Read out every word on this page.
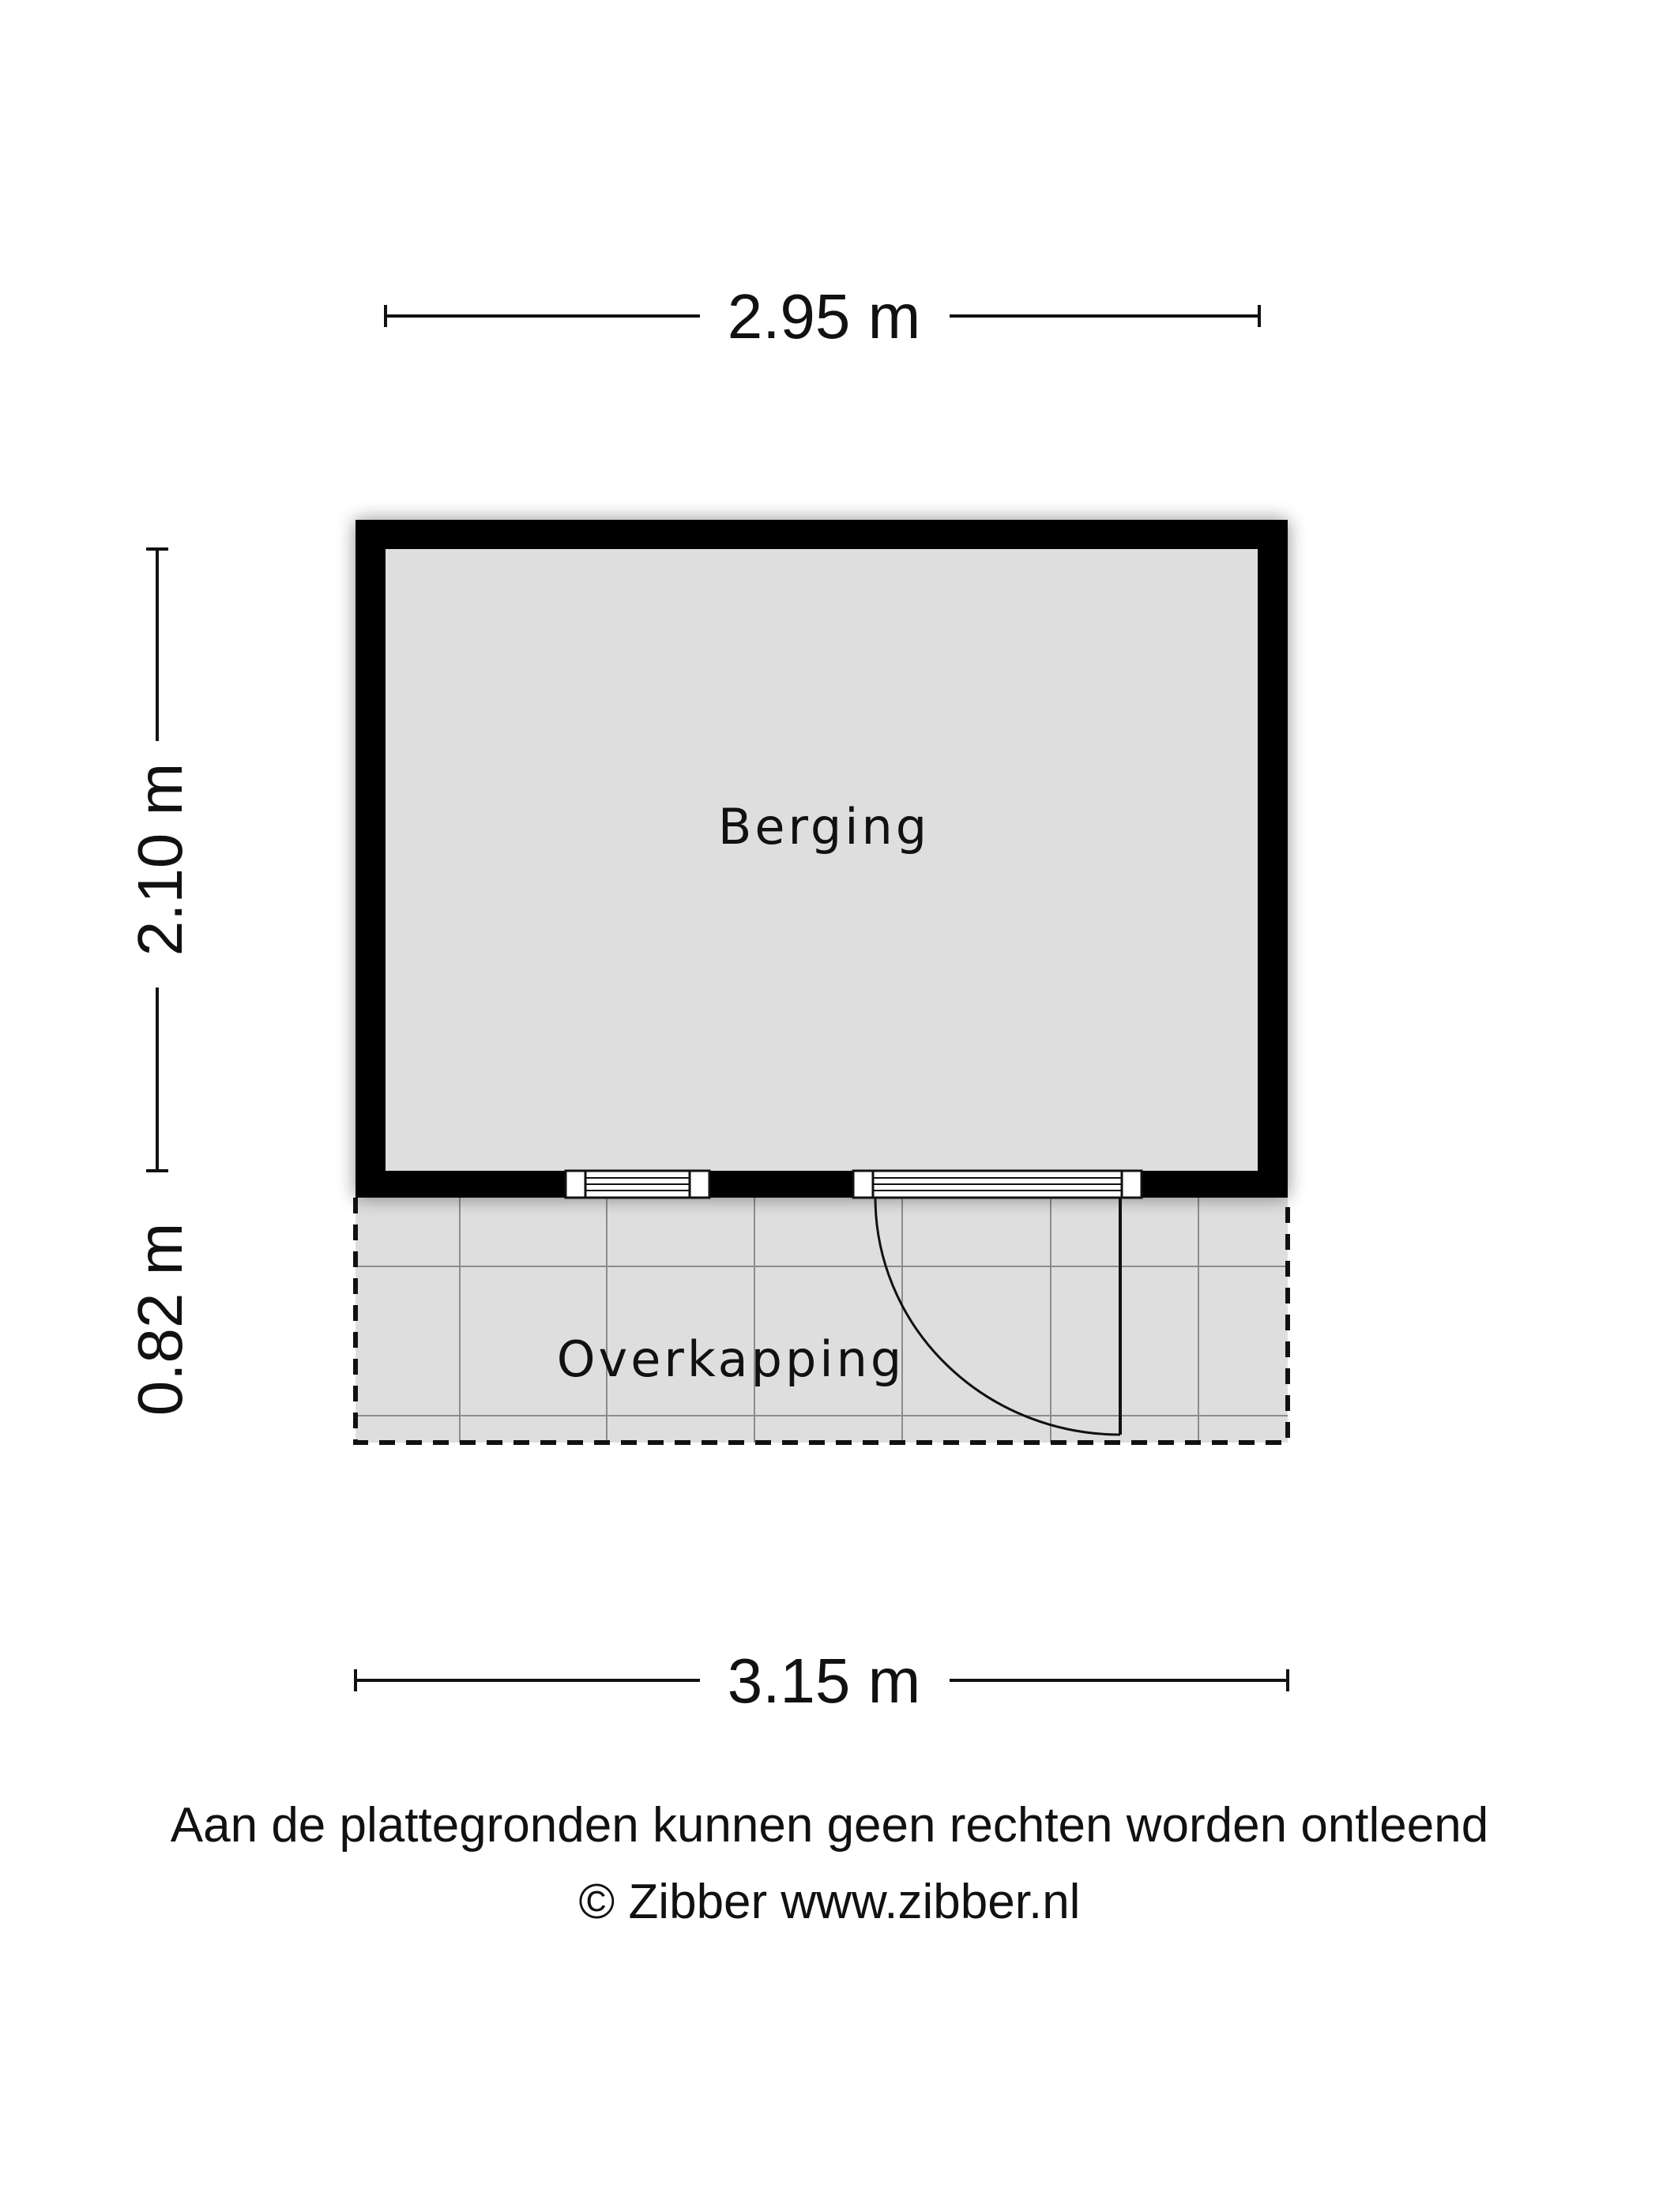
2.95 m
2.10 m
0.82 m	Overkapping
Berging
3.15 m
Aan de plattegronden kunnen geen rechten worden ontleend
© Zibber www.zibber.nl
